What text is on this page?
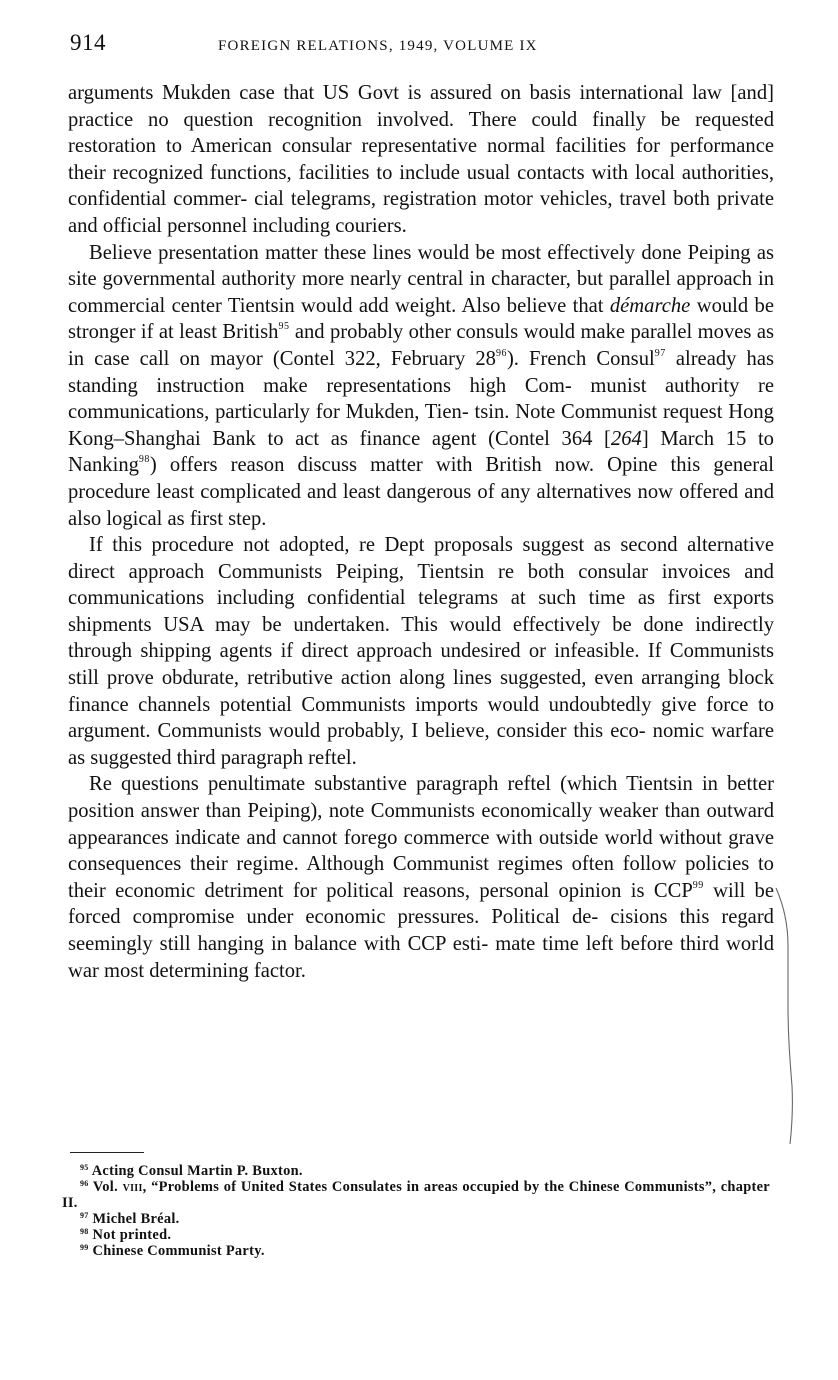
914	FOREIGN RELATIONS, 1949, VOLUME IX

arguments Mukden case that US Govt is assured on basis international law [and] practice no question recognition involved. There could finally be requested restoration to American consular representative normal facilities for performance their recognized functions, facilities to include usual contacts with local authorities, confidential commer- cial telegrams, registration motor vehicles, travel both private and official personnel including couriers.

Believe presentation matter these lines would be most effectively done Peiping as site governmental authority more nearly central in character, but parallel approach in commercial center Tientsin would add weight. Also believe that démarche would be stronger if at least British$^{95}$ and probably other consuls would make parallel moves as in case call on mayor (Contel 322, February $28^{96}$). French Consul$^{97}$ already has standing instruction make representations high Com- munist authority re communications, particularly for Mukden, Tien- tsin. Note Communist request Hong Kong–Shanghai Bank to act as finance agent (Contel 364 [264] March 15 to Nanking$^{98}$) offers reason discuss matter with British now. Opine this general procedure least complicated and least dangerous of any alternatives now offered and also logical as first step.

If this procedure not adopted, re Dept proposals suggest as second alternative direct approach Communists Peiping, Tientsin re both consular invoices and communications including confidential telegrams at such time as first exports shipments USA may be undertaken. This would effectively be done indirectly through shipping agents if direct approach undesired or infeasible. If Communists still prove obdurate, retributive action along lines suggested, even arranging block finance channels potential Communists imports would undoubtedly give force to argument. Communists would probably, I believe, consider this eco- nomic warfare as suggested third paragraph reftel.

Re questions penultimate substantive paragraph reftel (which Tientsin in better position answer than Peiping), note Communists economically weaker than outward appearances indicate and cannot forego commerce with outside world without grave consequences their regime. Although Communist regimes often follow policies to their economic detriment for political reasons, personal opinion is CCP$^{99}$ will be forced compromise under economic pressures. Political de- cisions this regard seemingly still hanging in balance with CCP esti- mate time left before third world war most determining factor.

$^{95}$ Acting Consul Martin P. Buxton.

$^{96}$ Vol. viii, “Problems of United States Consulates in areas occupied by the Chinese Communists”, chapter II.

$^{97}$ Michel Bréal.

$^{98}$ Not printed.

$^{99}$ Chinese Communist Party.
